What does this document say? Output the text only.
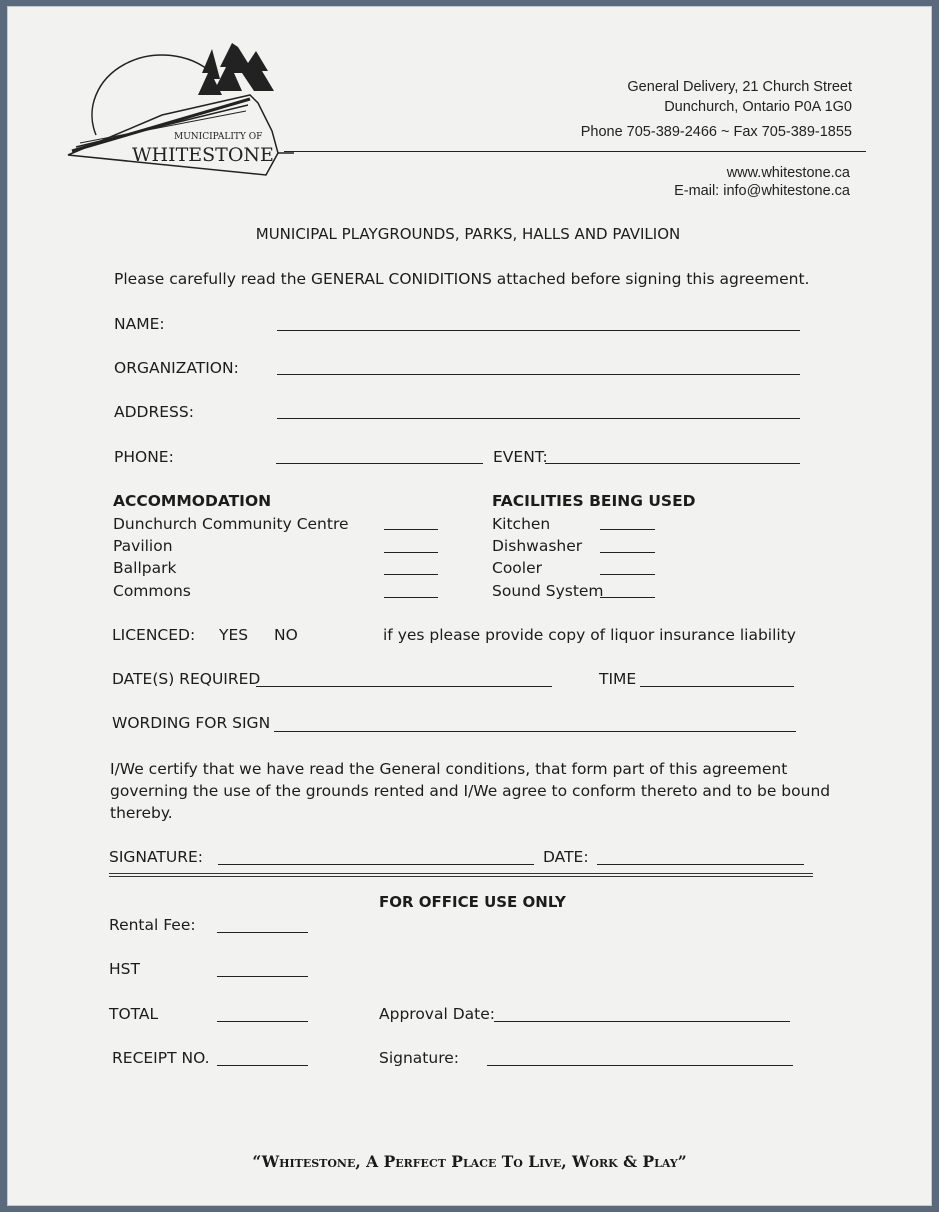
MUNICIPALITY OF
WHITESTONE
General Delivery, 21 Church Street
Dunchurch, Ontario P0A 1G0
Phone 705-389-2466 ~ Fax 705-389-1855
www.whitestone.ca
E-mail: info@whitestone.ca
MUNICIPAL PLAYGROUNDS, PARKS, HALLS AND PAVILION
Please carefully read the GENERAL CONIDITIONS attached before signing this agreement.
NAME:
ORGANIZATION:
ADDRESS:
PHONE:	EVENT:
ACCOMMODATION
Dunchurch Community Centre
Pavilion
Ballpark
Commons
FACILITIES BEING USED
Kitchen
Dishwasher
Cooler
Sound System
LICENCED: YES NO	if yes please provide copy of liquor insurance liability
DATE(S) REQUIRED	TIME
WORDING FOR SIGN
I/We certify that we have read the General conditions, that form part of this agreement
governing the use of the grounds rented and I/We agree to conform thereto and to be bound
thereby.
SIGNATURE:	DATE:
FOR OFFICE USE ONLY
Rental Fee:
HST
TOTAL	Approval Date:
RECEIPT NO.	Signature:
“Whitestone, A Perfect Place To Live, Work & Play”
